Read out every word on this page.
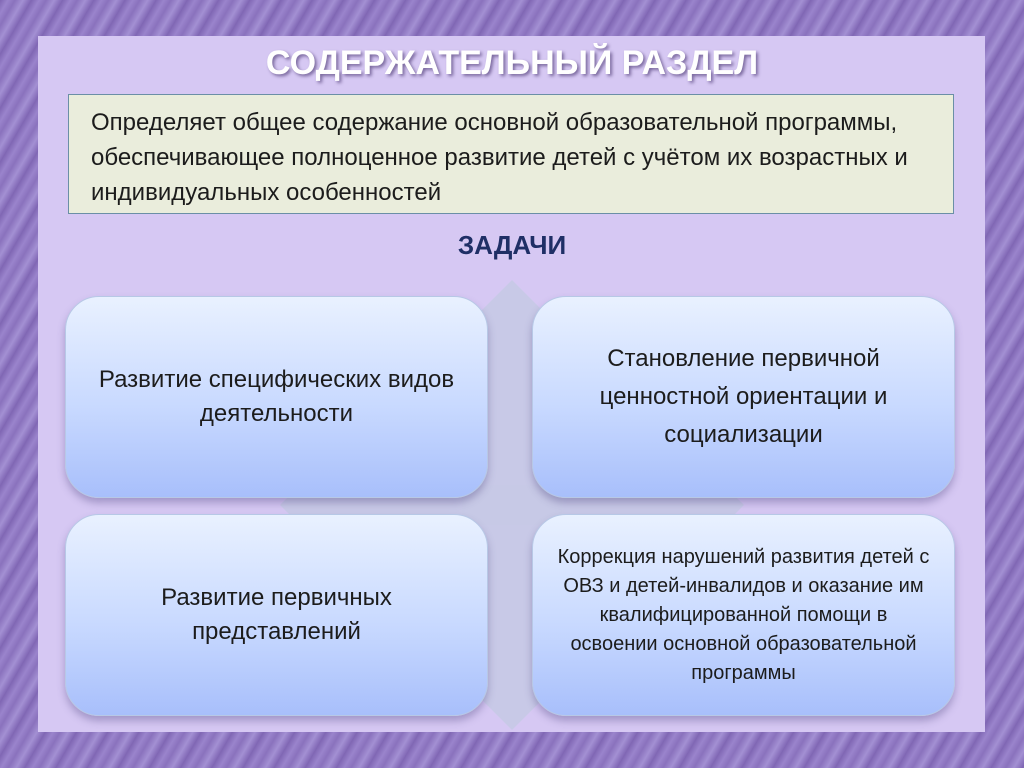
СОДЕРЖАТЕЛЬНЫЙ РАЗДЕЛ
Определяет общее содержание основной образовательной программы, обеспечивающее полноценное развитие детей с учётом их возрастных и индивидуальных особенностей
ЗАДАЧИ
Развитие специфических видов деятельности
Становление первичной ценностной ориентации и социализации
Развитие первичных представлений
Коррекция нарушений развития детей с ОВЗ и детей-инвалидов и оказание им квалифицированной помощи в освоении основной образовательной программы
